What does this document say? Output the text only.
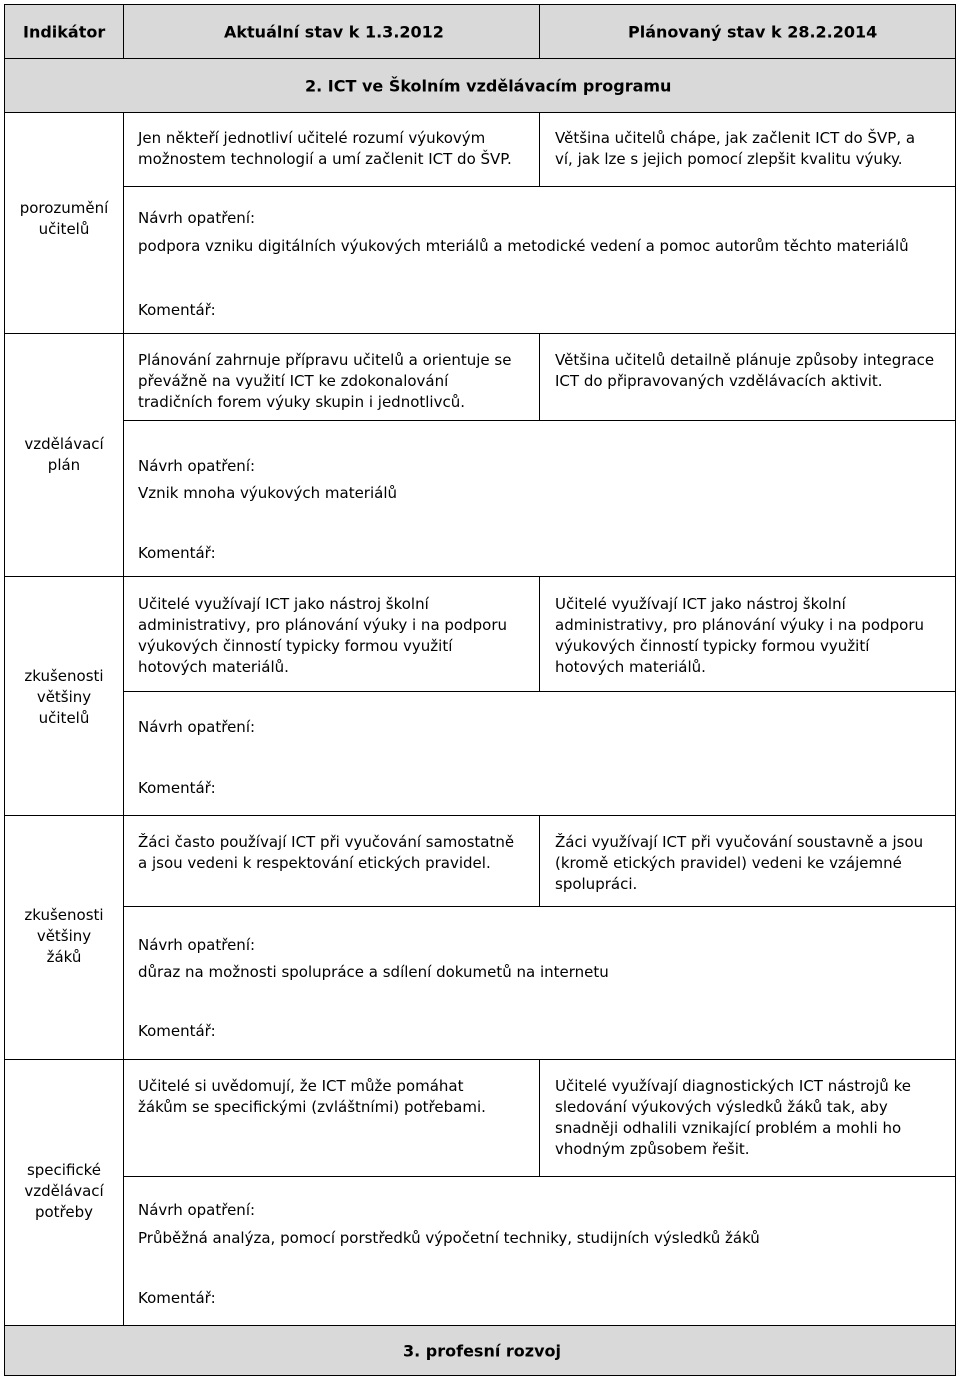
Indikátor	Aktuální stav k 1.3.2012	Plánovaný stav k 28.2.2014
2. ICT ve Školním vzdělávacím programu
porozumění
učitelů
Jen někteří jednotliví učitelé rozumí výukovým
možnostem technologií a umí začlenit ICT do ŠVP.
Většina učitelů chápe, jak začlenit ICT do ŠVP, a
ví, jak lze s jejich pomocí zlepšit kvalitu výuky.
Návrh opatření:
podpora vzniku digitálních výukových mteriálů a metodické vedení a pomoc autorům těchto materiálů
Komentář:
vzdělávací
plán
Plánování zahrnuje přípravu učitelů a orientuje se
převážně na využití ICT ke zdokonalování
tradičních forem výuky skupin i jednotlivců.
Většina učitelů detailně plánuje způsoby integrace
ICT do připravovaných vzdělávacích aktivit.
Návrh opatření:
Vznik mnoha výukových materiálů
Komentář:
zkušenosti
většiny
učitelů
Učitelé využívají ICT jako nástroj školní
administrativy, pro plánování výuky i na podporu
výukových činností typicky formou využití
hotových materiálů.
Učitelé využívají ICT jako nástroj školní
administrativy, pro plánování výuky i na podporu
výukových činností typicky formou využití
hotových materiálů.
Návrh opatření:
Komentář:
zkušenosti
většiny
žáků
Žáci často používají ICT při vyučování samostatně
a jsou vedeni k respektování etických pravidel.
Žáci využívají ICT při vyučování soustavně a jsou
(kromě etických pravidel) vedeni ke vzájemné
spolupráci.
Návrh opatření:
důraz na možnosti spolupráce a sdílení dokumetů na internetu
Komentář:
specifické
vzdělávací
potřeby
Učitelé si uvědomují, že ICT může pomáhat
žákům se specifickými (zvláštními) potřebami.
Učitelé využívají diagnostických ICT nástrojů ke
sledování výukových výsledků žáků tak, aby
snadněji odhalili vznikající problém a mohli ho
vhodným způsobem řešit.
Návrh opatření:
Průběžná analýza, pomocí porstředků výpočetní techniky, studijních výsledků žáků
Komentář:
3. profesní rozvoj
